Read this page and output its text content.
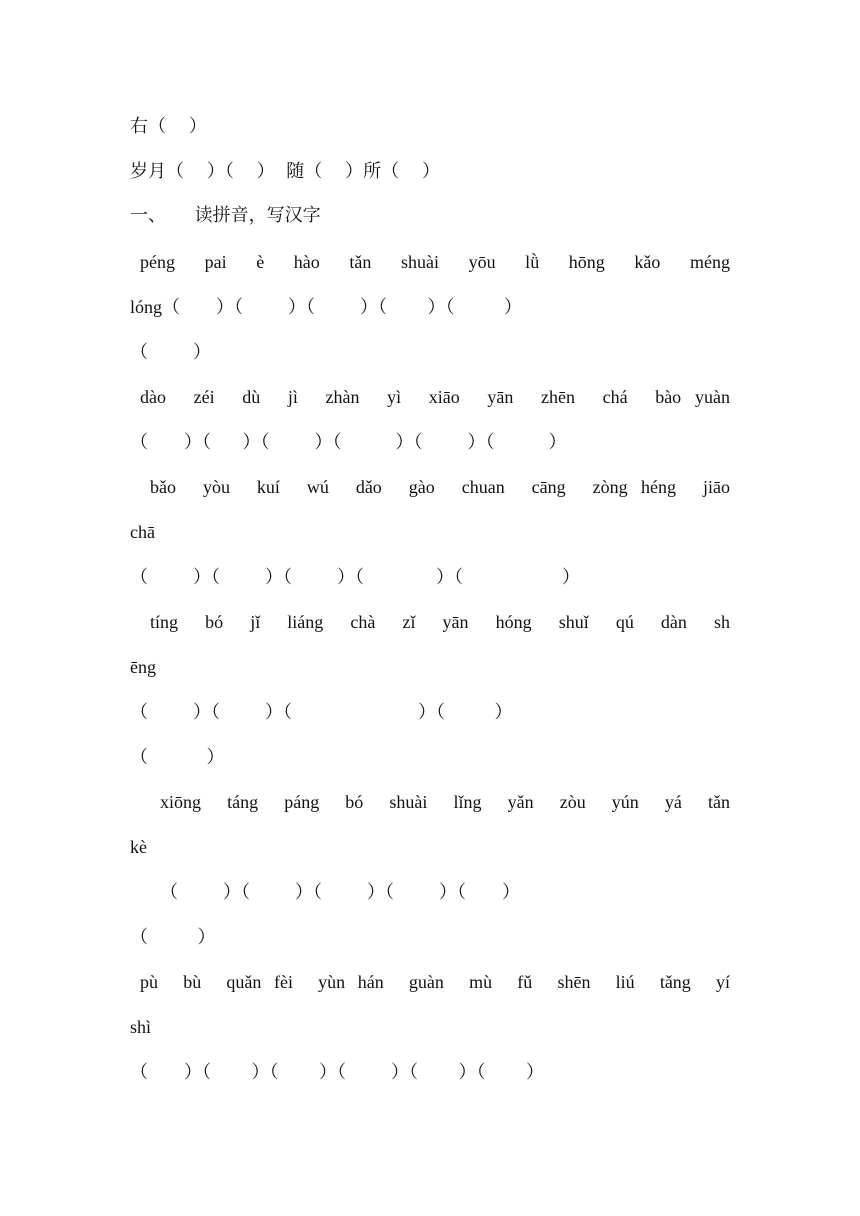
右（    ）
岁月（    ）（    ）  随（    ）所（    ）
一、     读拼音，写汉字
péng  pai  è  hào  tǎn  shuài  yōu  lǜ  hōng  kǎo  méng
lóng（        ）（          ）（          ）（         ）（           ）
（          ）
dào  zéi  dù  jì  zhàn  yì  xiāo  yān  zhēn  chá  bào yuàn
（        ）（       ）（          ）（            ）（          ）（            ）
bǎo  yòu  kuí  wú  dǎo  gào  chuan  cāng  zòng héng  jiāo
chā
（          ）（          ）（          ）（                ）（                      ）
tíng  bó  jǐ  liáng  chà  zǐ  yān  hóng  shuǐ  qú  dàn  sh
ēng
（          ）（          ）（                            ）（           ）
（             ）
xiōng  táng  páng  bó  shuài  lǐng  yǎn  zòu  yún  yá  tǎn
kè
（          ）（          ）（          ）（          ）（        ）
（           ）
pù  bù  quǎn fèi  yùn hán  guàn  mù  fǔ  shēn  liú  tǎng  yí
shì
（        ）（         ）（         ）（          ）（         ）（         ）
